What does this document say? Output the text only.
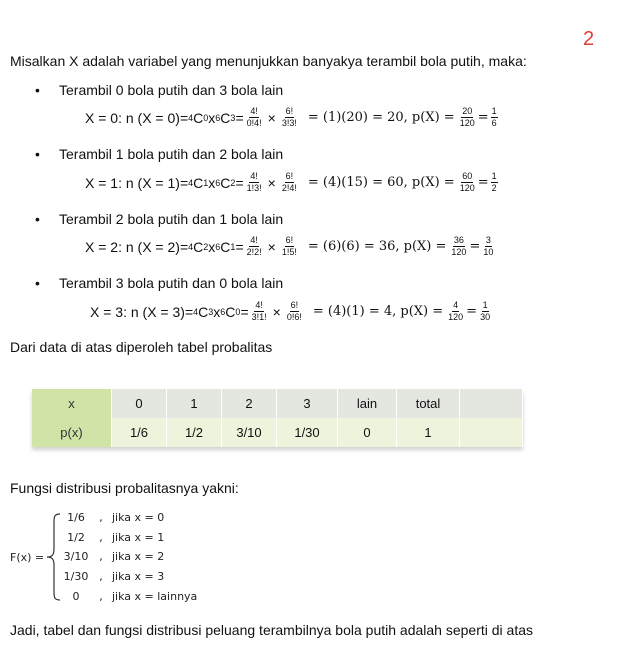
2
Misalkan X adalah variabel yang menunjukkan banyakya terambil bola putih, maka:
• Terambil 0 bola putih dan 3 bola lain
X = 0: n (X = 0)= 4 C 0 x 6 C $3 = \frac{4!}{0!4!} \times \frac{6!}{3!3!} = (1)(20) = 20$, $p(X) = \frac{20}{120} = \frac{1}{6}$
• Terambil 1 bola putih dan 2 bola lain
X = 1: n (X = 1)= 4 C 1 x 6 C $2 = \frac{4!}{1!3!} \times \frac{6!}{2!4!} = (4)(15) = 60$, $p(X) = \frac{60}{120} = \frac{1}{2}$
• Terambil 2 bola putih dan 1 bola lain
X = 2: n (X = 2)= 4 C 2 x 6 C $1 = \frac{4!}{2!2!} \times \frac{6!}{1!5!} = (6)(6) = 36$, $p(X) = \frac{36}{120} = \frac{3}{10}$
• Terambil 3 bola putih dan 0 bola lain
X = 3: n (X = 3)= 4 C 3 x 6 C $0 = \frac{4!}{3!1!} \times \frac{6!}{0!6!} = (4)(1) = 4$, $p(X) = \frac{4}{120} = \frac{1}{30}$
Dari data di atas diperoleh tabel probalitas
x	0	1	2	3	lain	total	
p(x)	1/6	1/2	3/10	1/30	0	1	
Fungsi distribusi probalitasnya yakni:
F(x) =
1/6 , jika x = 0
1/2 , jika x = 1
3/10 , jika x = 2
1/30 , jika x = 3
0 , jika x = lainnya
Jadi, tabel dan fungsi distribusi peluang terambilnya bola putih adalah seperti di atas
